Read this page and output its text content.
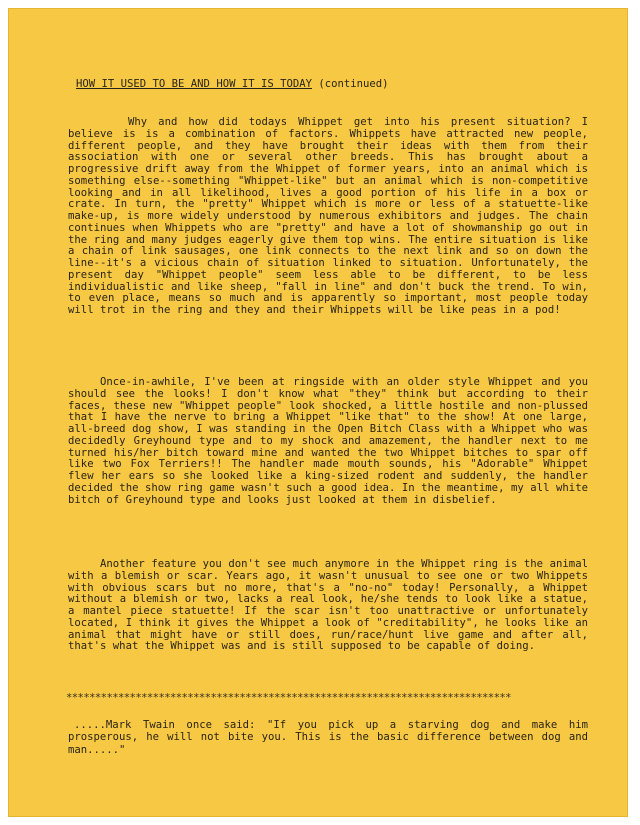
HOW IT USED TO BE AND HOW IT IS TODAY (continued)
Why and how did todays Whippet get into his present situation? I believe is is a combination of factors. Whippets have attracted new people, different people, and they have brought their ideas with them from their association with one or several other breeds. This has brought about a progressive drift away from the Whippet of former years, into an animal which is something else--something "Whippet-like" but an animal which is non-competitive looking and in all likelihood, lives a good portion of his life in a box or crate. In turn, the "pretty" Whippet which is more or less of a statuette-like make-up, is more widely understood by numerous exhibitors and judges. The chain continues when Whippets who are "pretty" and have a lot of showmanship go out in the ring and many judges eagerly give them top wins. The entire situation is like a chain of link sausages, one link connects to the next link and so on down the line--it's a vicious chain of situation linked to situation. Unfortunately, the present day "Whippet people" seem less able to be different, to be less individualistic and like sheep, "fall in line" and don't buck the trend. To win, to even place, means so much and is apparently so important, most people today will trot in the ring and they and their Whippets will be like peas in a pod!
Once-in-awhile, I've been at ringside with an older style Whippet and you should see the looks! I don't know what "they" think but according to their faces, these new "Whippet people" look shocked, a little hostile and non-plussed that I have the nerve to bring a Whippet "like that" to the show! At one large, all-breed dog show, I was standing in the Open Bitch Class with a Whippet who was decidedly Greyhound type and to my shock and amazement, the handler next to me turned his/her bitch toward mine and wanted the two Whippet bitches to spar off like two Fox Terriers!! The handler made mouth sounds, his "Adorable" Whippet flew her ears so she looked like a king-sized rodent and suddenly, the handler decided the show ring game wasn't such a good idea. In the meantime, my all white bitch of Greyhound type and looks just looked at them in disbelief.
Another feature you don't see much anymore in the Whippet ring is the animal with a blemish or scar. Years ago, it wasn't unusual to see one or two Whippets with obvious scars but no more, that's a "no-no" today! Personally, a Whippet without a blemish or two, lacks a real look, he/she tends to look like a statue, a mantel piece statuette! If the scar isn't too unattractive or unfortunately located, I think it gives the Whippet a look of "creditability", he looks like an animal that might have or still does, run/race/hunt live game and after all, that's what the Whippet was and is still supposed to be capable of doing.
*****************************************************************************
.....Mark Twain once said: "If you pick up a starving dog and make him prosperous, he will not bite you. This is the basic difference between dog and man....."
